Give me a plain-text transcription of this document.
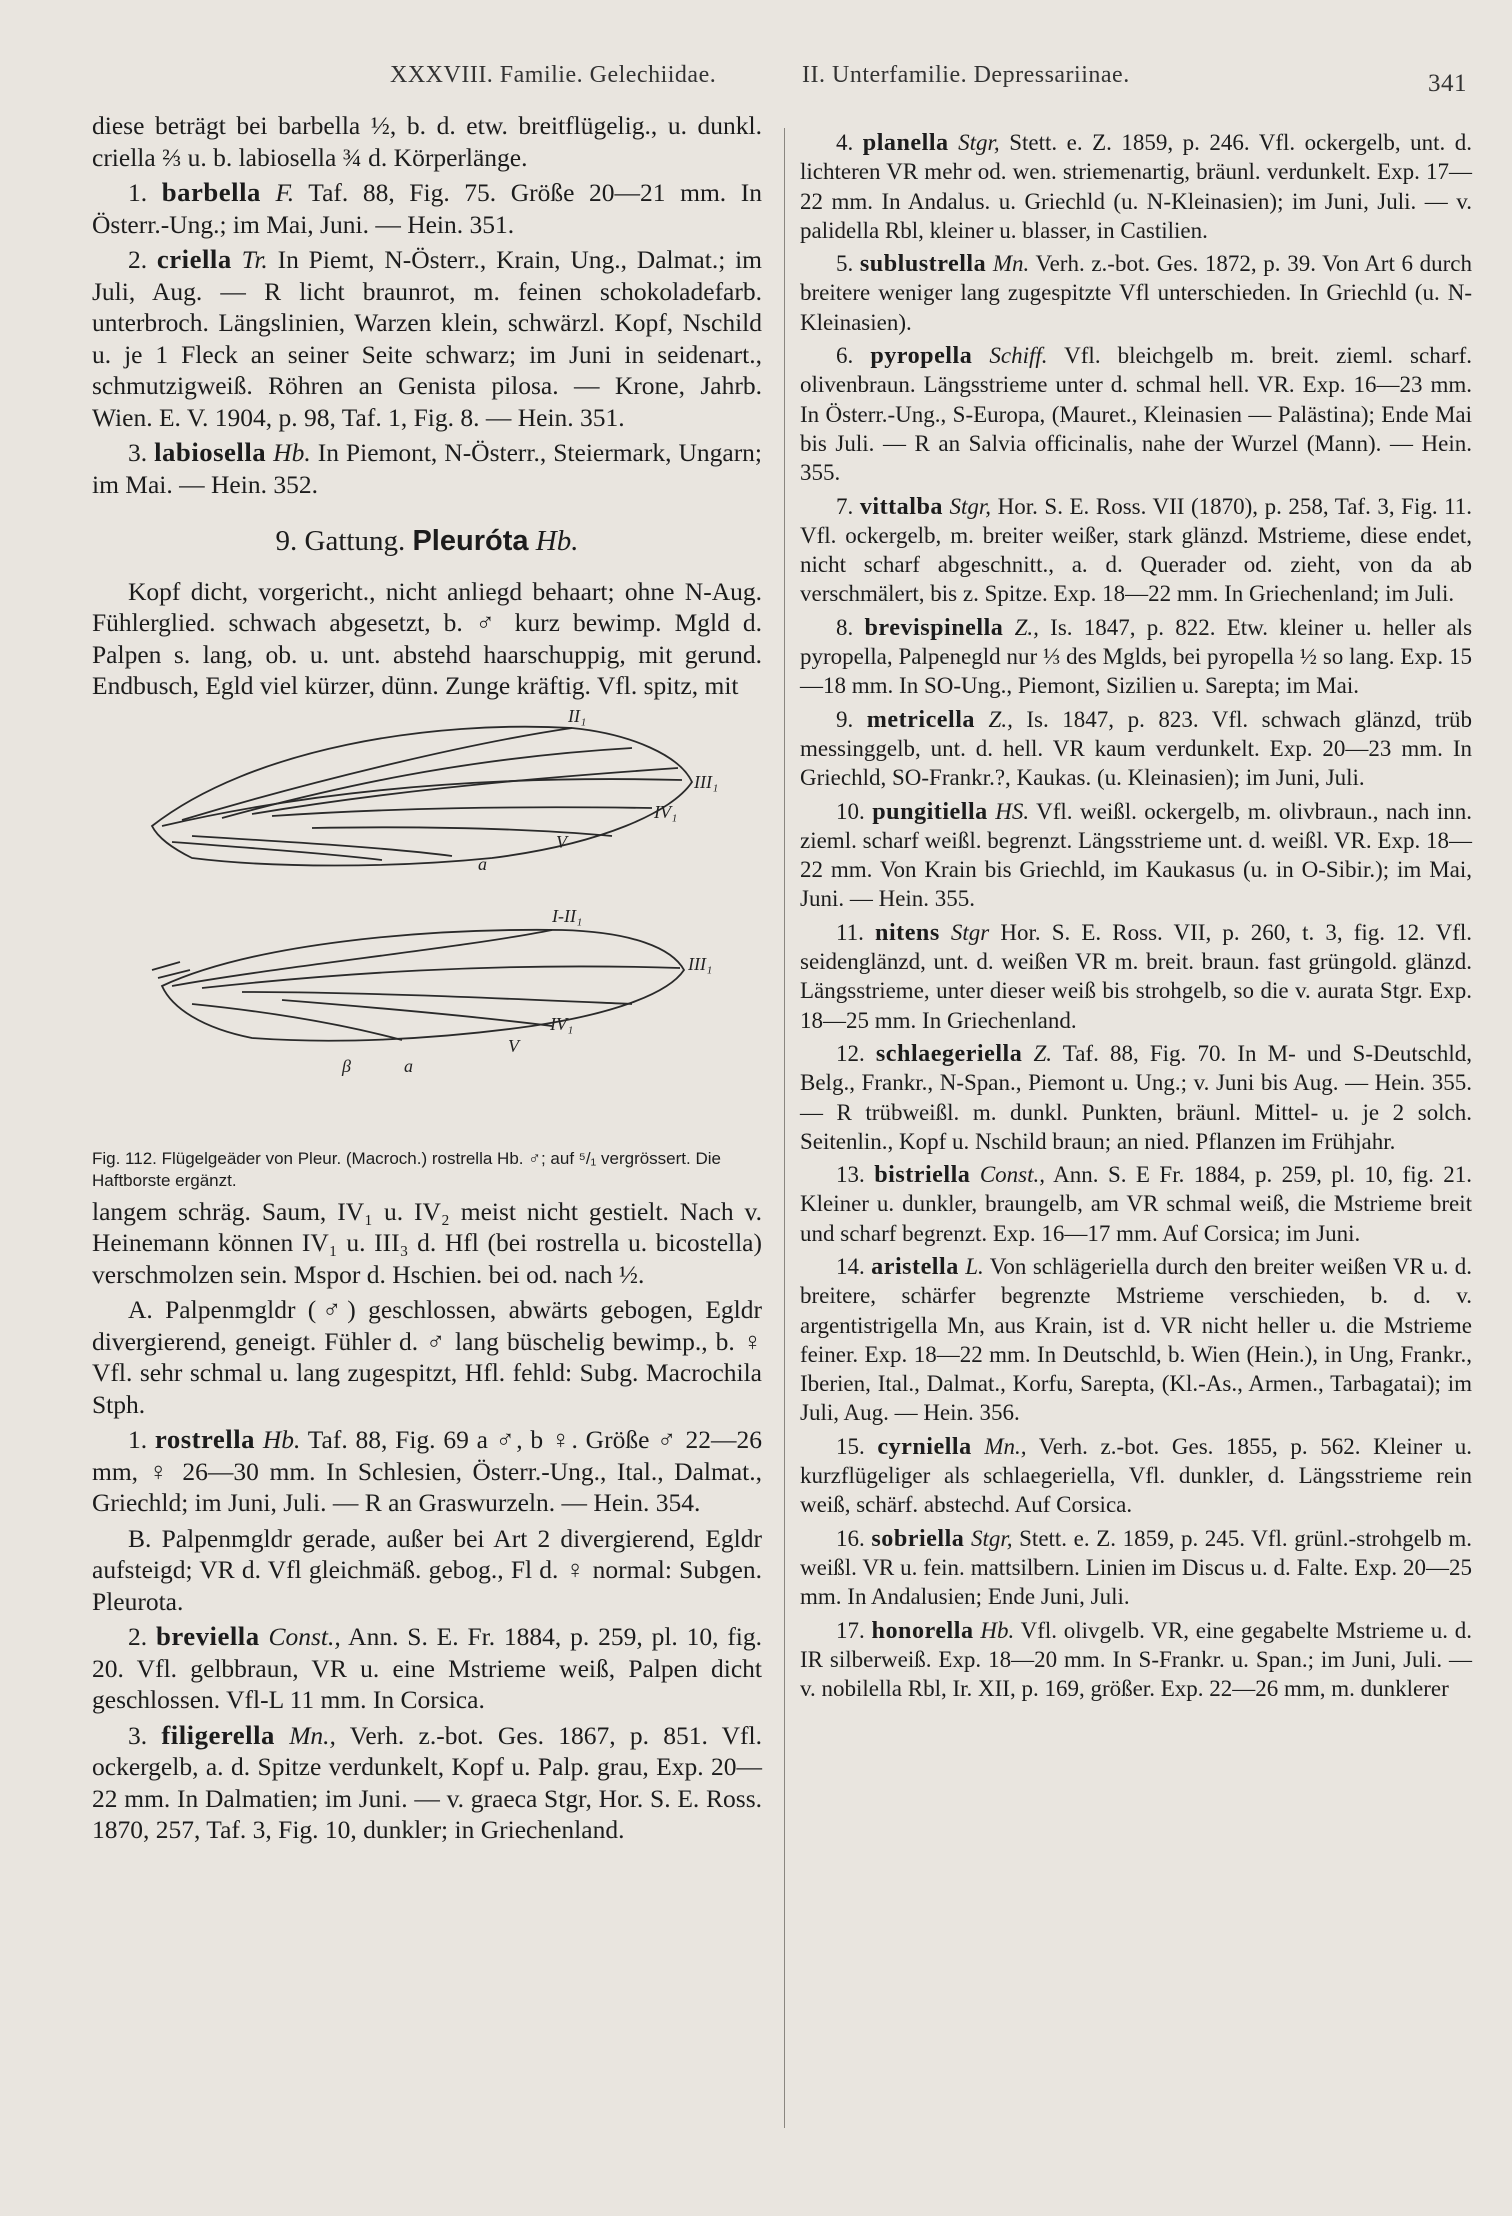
XXXVIII. Familie. Gelechiidae.	II. Unterfamilie. Depressariinae.	341

diese beträgt bei barbella ½, b. d. etw. breitflügelig., u. dunkl. criella ⅔ u. b. labiosella ¾ d. Körperlänge.

1. barbella F. Taf. 88, Fig. 75. Größe 20—21 mm. In Österr.-Ung.; im Mai, Juni. — Hein. 351.

2. criella Tr. In Piemt, N-Österr., Krain, Ung., Dalmat.; im Juli, Aug. — R licht braunrot, m. feinen schokoladefarb. unterbroch. Längslinien, Warzen klein, schwärzl. Kopf, Nschild u. je 1 Fleck an seiner Seite schwarz; im Juni in seidenart., schmutzigweiß. Röhren an Genista pilosa. — Krone, Jahrb. Wien. E. V. 1904, p. 98, Taf. 1, Fig. 8. — Hein. 351.

3. labiosella Hb. In Piemont, N-Österr., Steiermark, Ungarn; im Mai. — Hein. 352.

9. Gattung. Pleuróta Hb.

Kopf dicht, vorgericht., nicht anliegd behaart; ohne N-Aug. Fühlerglied. schwach abgesetzt, b. ♂ kurz bewimp. Mgld d. Palpen s. lang, ob. u. unt. abstehd haarschuppig, mit gerund. Endbusch, Egld viel kürzer, dünn. Zunge kräftig. Vfl. spitz, mit

II₁
III₁
IV₁
V
a
I-II₁
III₁
IV₁
V
β	a

Fig. 112. Flügelgeäder von Pleur. (Macroch.) rostrella Hb. ♂; auf ⁵/₁ vergrössert. Die Haftborste ergänzt.

langem schräg. Saum, IV₁ u. IV₂ meist nicht gestielt. Nach v. Heinemann können IV₁ u. III₃ d. Hfl (bei rostrella u. bicostella) verschmolzen sein. Mspor d. Hschien. bei od. nach ½.

A. Palpenmgldr (♂) geschlossen, abwärts gebogen, Egldr divergierend, geneigt. Fühler d. ♂ lang büschelig bewimp., b. ♀ Vfl. sehr schmal u. lang zugespitzt, Hfl. fehld: Subg. Macrochila Stph.

1. rostrella Hb. Taf. 88, Fig. 69 a ♂, b ♀. Größe ♂ 22—26 mm, ♀ 26—30 mm. In Schlesien, Österr.-Ung., Ital., Dalmat., Griechld; im Juni, Juli. — R an Graswurzeln. — Hein. 354.

B. Palpenmgldr gerade, außer bei Art 2 divergierend, Egldr aufsteigd; VR d. Vfl gleichmäß. gebog., Fl d. ♀ normal: Subgen. Pleurota.

2. breviella Const., Ann. S. E. Fr. 1884, p. 259, pl. 10, fig. 20. Vfl. gelbbraun, VR u. eine Mstrieme weiß, Palpen dicht geschlossen. Vfl-L 11 mm. In Corsica.

3. filigerella Mn., Verh. z.-bot. Ges. 1867, p. 851. Vfl. ockergelb, a. d. Spitze verdunkelt, Kopf u. Palp. grau, Exp. 20—22 mm. In Dalmatien; im Juni. — v. graeca Stgr, Hor. S. E. Ross. 1870, 257, Taf. 3, Fig. 10, dunkler; in Griechenland.

4. planella Stgr, Stett. e. Z. 1859, p. 246. Vfl. ockergelb, unt. d. lichteren VR mehr od. wen. striemenartig, bräunl. verdunkelt. Exp. 17—22 mm. In Andalus. u. Griechld (u. N-Kleinasien); im Juni, Juli. — v. palidella Rbl, kleiner u. blasser, in Castilien.

5. sublustrella Mn. Verh. z.-bot. Ges. 1872, p. 39. Von Art 6 durch breitere weniger lang zugespitzte Vfl unterschieden. In Griechld (u. N-Kleinasien).

6. pyropella Schiff. Vfl. bleichgelb m. breit. zieml. scharf. olivenbraun. Längsstrieme unter d. schmal hell. VR. Exp. 16—23 mm. In Österr.-Ung., S-Europa, (Mauret., Kleinasien — Palästina); Ende Mai bis Juli. — R an Salvia officinalis, nahe der Wurzel (Mann). — Hein. 355.

7. vittalba Stgr, Hor. S. E. Ross. VII (1870), p. 258, Taf. 3, Fig. 11. Vfl. ockergelb, m. breiter weißer, stark glänzd. Mstrieme, diese endet, nicht scharf abgeschnitt., a. d. Querader od. zieht, von da ab verschmälert, bis z. Spitze. Exp. 18—22 mm. In Griechenland; im Juli.

8. brevispinella Z., Is. 1847, p. 822. Etw. kleiner u. heller als pyropella, Palpenegld nur ⅓ des Mglds, bei pyropella ½ so lang. Exp. 15—18 mm. In SO-Ung., Piemont, Sizilien u. Sarepta; im Mai.

9. metricella Z., Is. 1847, p. 823. Vfl. schwach glänzd, trüb messinggelb, unt. d. hell. VR kaum verdunkelt. Exp. 20—23 mm. In Griechld, SO-Frankr.?, Kaukas. (u. Kleinasien); im Juni, Juli.

10. pungitiella HS. Vfl. weißl. ockergelb, m. olivbraun., nach inn. zieml. scharf weißl. begrenzt. Längsstrieme unt. d. weißl. VR. Exp. 18—22 mm. Von Krain bis Griechld, im Kaukasus (u. in O-Sibir.); im Mai, Juni. — Hein. 355.

11. nitens Stgr Hor. S. E. Ross. VII, p. 260, t. 3, fig. 12. Vfl. seidenglänzd, unt. d. weißen VR m. breit. braun. fast grüngold. glänzd. Längsstrieme, unter dieser weiß bis strohgelb, so die v. aurata Stgr. Exp. 18—25 mm. In Griechenland.

12. schlaegeriella Z. Taf. 88, Fig. 70. In M- und S-Deutschld, Belg., Frankr., N-Span., Piemont u. Ung.; v. Juni bis Aug. — Hein. 355. — R trübweißl. m. dunkl. Punkten, bräunl. Mittel- u. je 2 solch. Seitenlin., Kopf u. Nschild braun; an nied. Pflanzen im Frühjahr.

13. bistriella Const., Ann. S. E Fr. 1884, p. 259, pl. 10, fig. 21. Kleiner u. dunkler, braungelb, am VR schmal weiß, die Mstrieme breit und scharf begrenzt. Exp. 16—17 mm. Auf Corsica; im Juni.

14. aristella L. Von schlägeriella durch den breiter weißen VR u. d. breitere, schärfer begrenzte Mstrieme verschieden, b. d. v. argentistrigella Mn, aus Krain, ist d. VR nicht heller u. die Mstrieme feiner. Exp. 18—22 mm. In Deutschld, b. Wien (Hein.), in Ung, Frankr., Iberien, Ital., Dalmat., Korfu, Sarepta, (Kl.-As., Armen., Tarbagatai); im Juli, Aug. — Hein. 356.

15. cyrniella Mn., Verh. z.-bot. Ges. 1855, p. 562. Kleiner u. kurzflügeliger als schlaegeriella, Vfl. dunkler, d. Längsstrieme rein weiß, schärf. abstechd. Auf Corsica.

16. sobriella Stgr, Stett. e. Z. 1859, p. 245. Vfl. grünl.-strohgelb m. weißl. VR u. fein. mattsilbern. Linien im Discus u. d. Falte. Exp. 20—25 mm. In Andalusien; Ende Juni, Juli.

17. honorella Hb. Vfl. olivgelb. VR, eine gegabelte Mstrieme u. d. IR silberweiß. Exp. 18—20 mm. In S-Frankr. u. Span.; im Juni, Juli. — v. nobilella Rbl, Ir. XII, p. 169, größer. Exp. 22—26 mm, m. dunklerer
